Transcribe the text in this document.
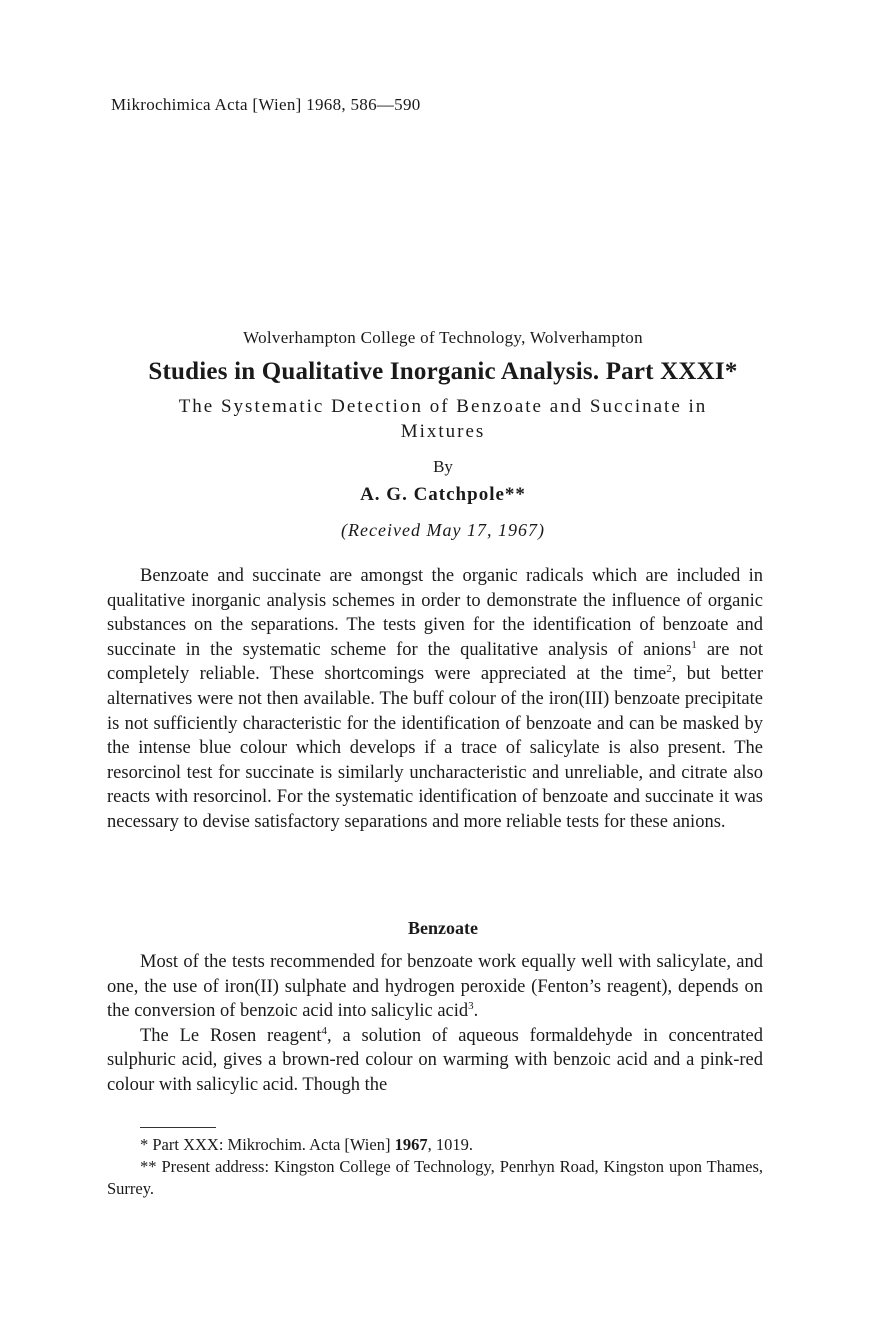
Mikrochimica Acta [Wien] 1968, 586—590
Wolverhampton College of Technology, Wolverhampton
Studies in Qualitative Inorganic Analysis. Part XXXI*
The Systematic Detection of Benzoate and Succinate in Mixtures
By
A. G. Catchpole**
(Received May 17, 1967)

Benzoate and succinate are amongst the organic radicals which are included in qualitative inorganic analysis schemes in order to demonstrate the influence of organic substances on the separations. The tests given for the identification of benzoate and succinate in the systematic scheme for the qualitative analysis of anions$^1$ are not completely reliable. These shortcomings were appreciated at the time$^2$, but better alternatives were not then available. The buff colour of the iron(III) benzoate precipitate is not sufficiently characteristic for the identification of benzoate and can be masked by the intense blue colour which develops if a trace of salicylate is also present. The resorcinol test for succinate is similarly uncharacteristic and unreliable, and citrate also reacts with resorcinol. For the systematic identification of benzoate and succinate it was necessary to devise satisfactory separations and more reliable tests for these anions.

Benzoate

Most of the tests recommended for benzoate work equally well with salicylate, and one, the use of iron(II) sulphate and hydrogen peroxide (Fenton’s reagent), depends on the conversion of benzoic acid into salicylic acid$^3$.

The Le Rosen reagent$^4$, a solution of aqueous formaldehyde in concentrated sulphuric acid, gives a brown-red colour on warming with benzoic acid and a pink-red colour with salicylic acid. Though the

* Part XXX: Mikrochim. Acta [Wien] 1967, 1019.

** Present address: Kingston College of Technology, Penrhyn Road, Kingston upon Thames, Surrey.
